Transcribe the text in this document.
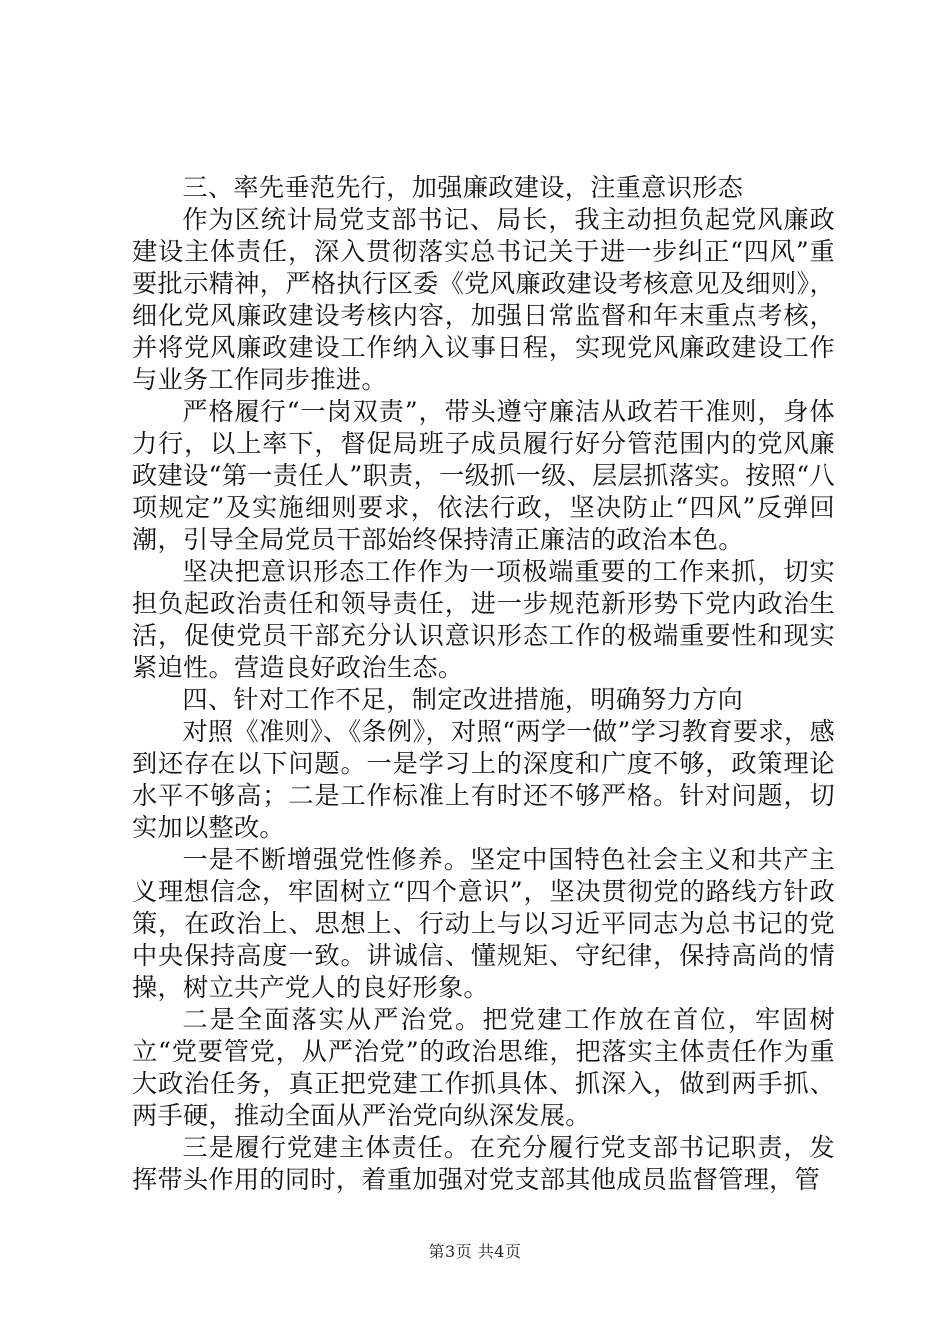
三、率先垂范先行，加强廉政建设，注重意识形态

作为区统计局党支部书记、局长，我主动担负起党风廉政建设主体责任，深入贯彻落实总书记关于进一步纠正“四风”重要批示精神，严格执行区委《党风廉政建设考核意见及细则》，细化党风廉政建设考核内容，加强日常监督和年末重点考核，并将党风廉政建设工作纳入议事日程，实现党风廉政建设工作与业务工作同步推进。

严格履行“一岗双责”，带头遵守廉洁从政若干准则，身体力行，以上率下，督促局班子成员履行好分管范围内的党风廉政建设“第一责任人”职责，一级抓一级、层层抓落实。按照“八项规定”及实施细则要求，依法行政，坚决防止“四风”反弹回潮，引导全局党员干部始终保持清正廉洁的政治本色。

坚决把意识形态工作作为一项极端重要的工作来抓，切实担负起政治责任和领导责任，进一步规范新形势下党内政治生活，促使党员干部充分认识意识形态工作的极端重要性和现实紧迫性。营造良好政治生态。

四、针对工作不足，制定改进措施，明确努力方向

对照《准则》、《条例》，对照“两学一做”学习教育要求，感到还存在以下问题。一是学习上的深度和广度不够，政策理论水平不够高；二是工作标准上有时还不够严格。针对问题，切实加以整改。

一是不断增强党性修养。坚定中国特色社会主义和共产主义理想信念，牢固树立“四个意识”，坚决贯彻党的路线方针政策，在政治上、思想上、行动上与以习近平同志为总书记的党中央保持高度一致。讲诚信、懂规矩、守纪律，保持高尚的情操，树立共产党人的良好形象。

二是全面落实从严治党。把党建工作放在首位，牢固树立“党要管党，从严治党”的政治思维，把落实主体责任作为重大政治任务，真正把党建工作抓具体、抓深入，做到两手抓、两手硬，推动全面从严治党向纵深发展。

三是履行党建主体责任。在充分履行党支部书记职责，发挥带头作用的同时，着重加强对党支部其他成员监督管理，管

第3页 共4页
